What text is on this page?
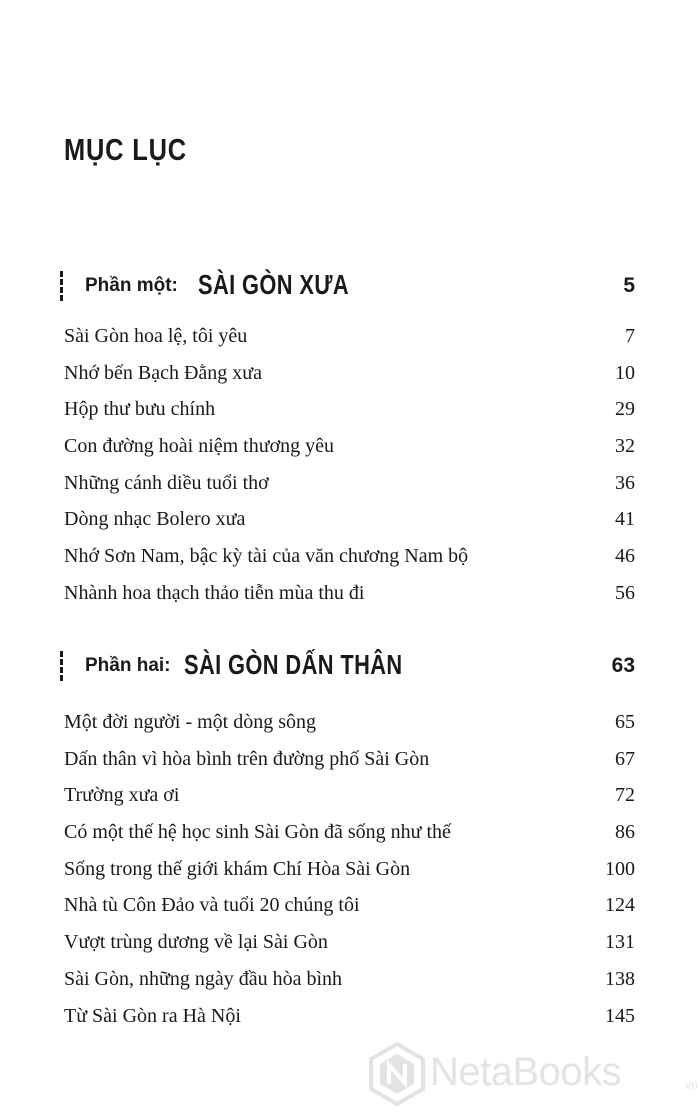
MỤC LỤC
Phần một: SÀI GÒN XƯA	5
Sài Gòn hoa lệ, tôi yêu	7
Nhớ bến Bạch Đằng xưa	10
Hộp thư bưu chính	29
Con đường hoài niệm thương yêu	32
Những cánh diều tuổi thơ	36
Dòng nhạc Bolero xưa	41
Nhớ Sơn Nam, bậc kỳ tài của văn chương Nam bộ	46
Nhành hoa thạch thảo tiễn mùa thu đi	56
Phần hai: SÀI GÒN DẤN THÂN	63
Một đời người - một dòng sông	65
Dấn thân vì hòa bình trên đường phố Sài Gòn	67
Trường xưa ơi	72
Có một thế hệ học sinh Sài Gòn đã sống như thế	86
Sống trong thế giới khám Chí Hòa Sài Gòn	100
Nhà tù Côn Đảo và tuổi 20 chúng tôi	124
Vượt trùng dương về lại Sài Gòn	131
Sài Gòn, những ngày đầu hòa bình	138
Từ Sài Gòn ra Hà Nội	145
NetaBooks	.vn
